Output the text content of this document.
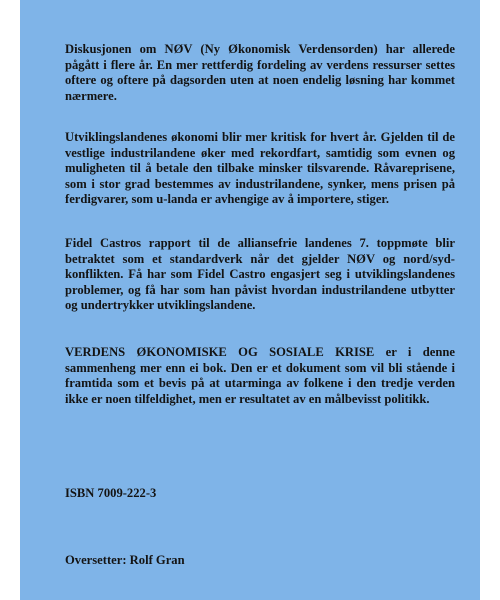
Diskusjonen om NØV (Ny Økonomisk Verdensorden) har allerede pågått i flere år. En mer rettferdig fordeling av verdens ressurser settes oftere og oftere på dagsorden uten at noen endelig løsning har kommet nærmere.

Utviklingslandenes økonomi blir mer kritisk for hvert år. Gjelden til de vestlige industrilandene øker med rekordfart, samtidig som evnen og muligheten til å betale den tilbake minsker tilsvarende. Råvareprisene, som i stor grad bestemmes av industrilandene, synker, mens prisen på ferdigvarer, som u-landa er avhengige av å importere, stiger.

Fidel Castros rapport til de alliansefrie landenes 7. toppmøte blir betraktet som et standardverk når det gjelder NØV og nord/syd-konflikten. Få har som Fidel Castro engasjert seg i utviklingslandenes problemer, og få har som han påvist hvordan industrilandene utbytter og undertrykker utviklingslandene.

VERDENS ØKONOMISKE OG SOSIALE KRISE er i denne sammenheng mer enn ei bok. Den er et dokument som vil bli stående i framtida som et bevis på at utarminga av folkene i den tredje verden ikke er noen tilfeldighet, men er resultatet av en målbevisst politikk.

ISBN 7009-222-3

Oversetter: Rolf Gran
